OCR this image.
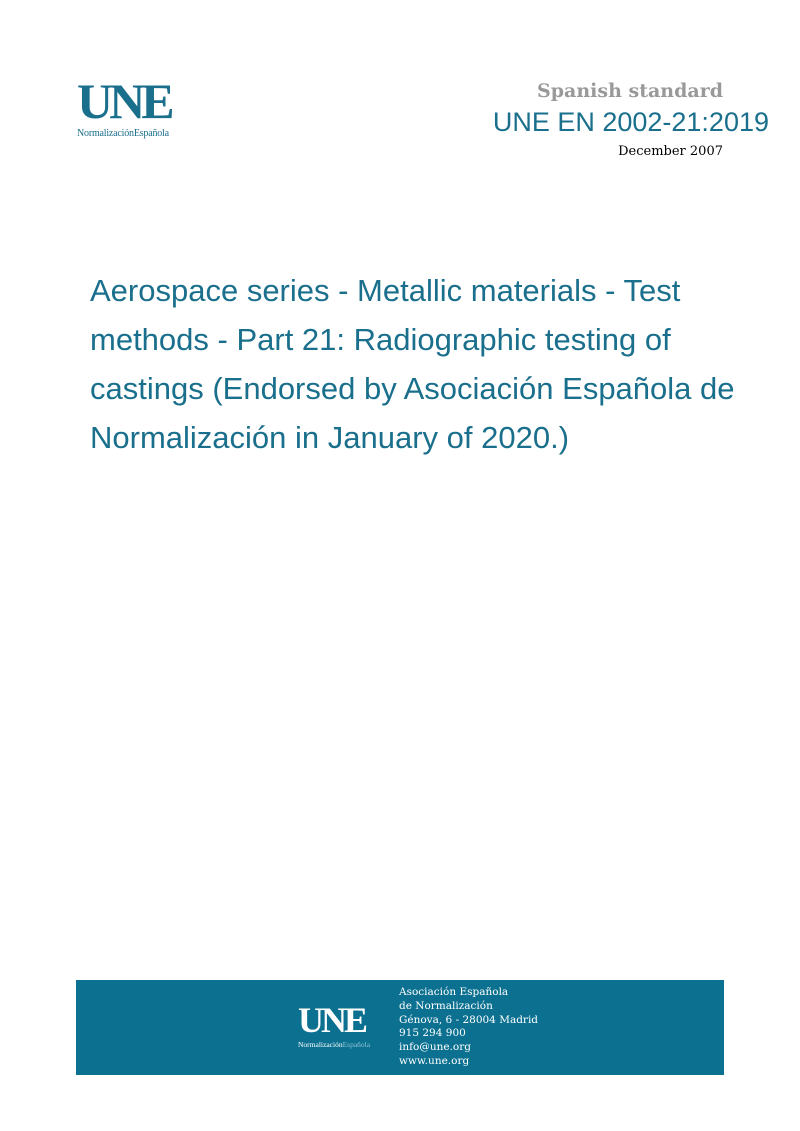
UNE
NormalizaciónEspañola
Spanish standard
UNE EN 2002-21:2019
December 2007
Aerospace series - Metallic materials - Test methods - Part 21: Radiographic testing of castings (Endorsed by Asociación Española de Normalización in January of 2020.)
UNE
NormalizaciónEspañola
Asociación Española
de Normalización
Génova, 6 - 28004 Madrid
915 294 900
info@une.org
www.une.org
